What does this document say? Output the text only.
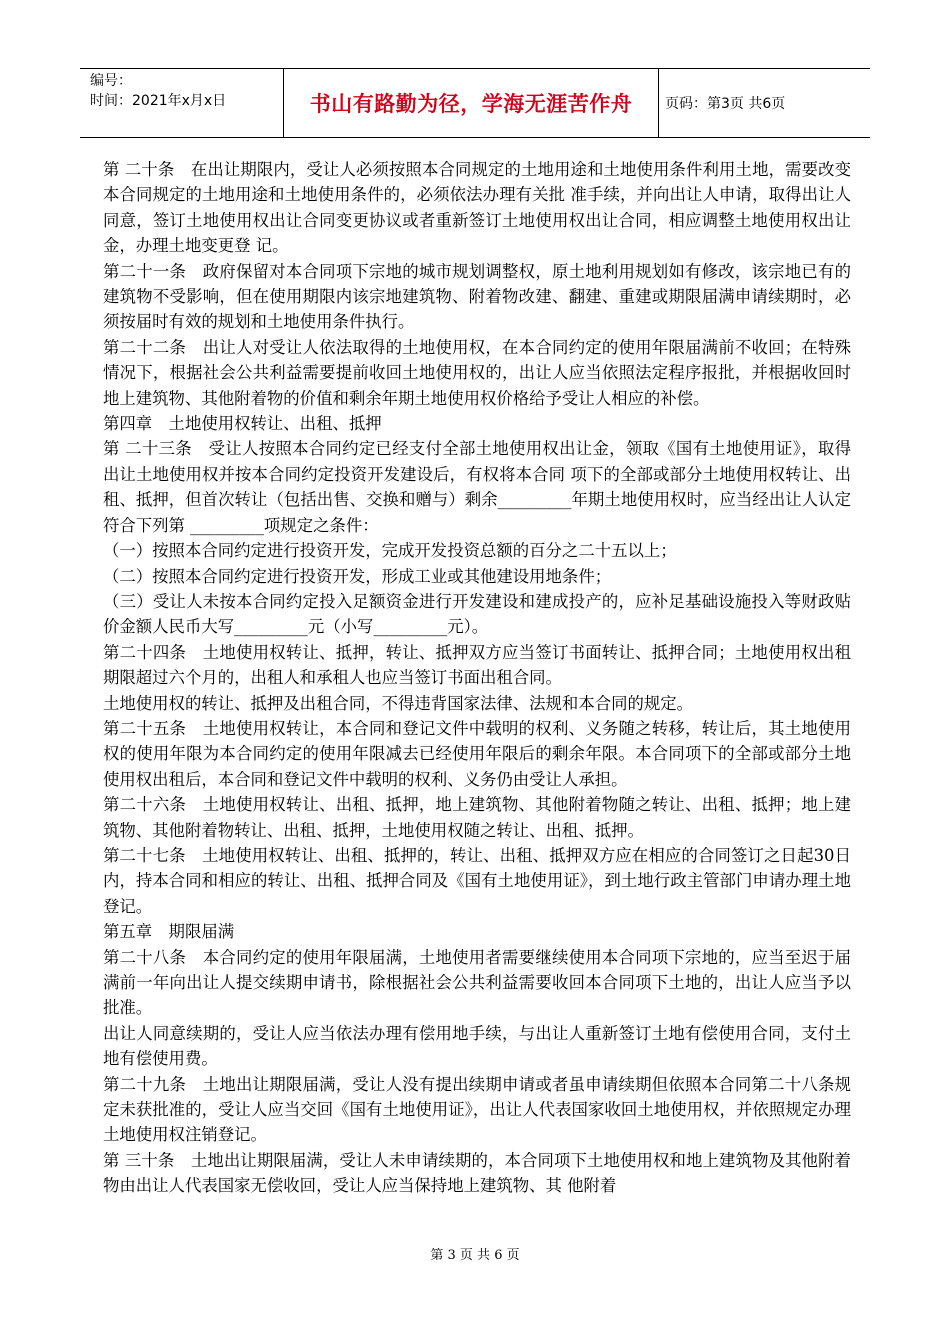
编号：
时间：2021年x月x日	书山有路勤为径，学海无涯苦作舟	页码：第3页 共6页

第 二十条　在出让期限内，受让人必须按照本合同规定的土地用途和土地使用条件利用土地，需要改变本合同规定的土地用途和土地使用条件的，必须依法办理有关批 准手续，并向出让人申请，取得出让人同意，签订土地使用权出让合同变更协议或者重新签订土地使用权出让合同，相应调整土地使用权出让金，办理土地变更登 记。

第二十一条　政府保留对本合同项下宗地的城市规划调整权，原土地利用规划如有修改，该宗地已有的建筑物不受影响，但在使用期限内该宗地建筑物、附着物改建、翻建、重建或期限届满申请续期时，必须按届时有效的规划和土地使用条件执行。

第二十二条　出让人对受让人依法取得的土地使用权，在本合同约定的使用年限届满前不收回；在特殊情况下，根据社会公共利益需要提前收回土地使用权的，出让人应当依照法定程序报批，并根据收回时地上建筑物、其他附着物的价值和剩余年期土地使用权价格给予受让人相应的补偿。

第四章　土地使用权转让、出租、抵押

第 二十三条　受让人按照本合同约定已经支付全部土地使用权出让金，领取《国有土地使用证》，取得出让土地使用权并按本合同约定投资开发建设后，有权将本合同 项下的全部或部分土地使用权转让、出租、抵押，但首次转让（包括出售、交换和赠与）剩余_________年期土地使用权时，应当经出让人认定符合下列第 _________项规定之条件：

（一）按照本合同约定进行投资开发，完成开发投资总额的百分之二十五以上；

（二）按照本合同约定进行投资开发，形成工业或其他建设用地条件；

（三）受让人未按本合同约定投入足额资金进行开发建设和建成投产的，应补足基础设施投入等财政贴价金额人民币大写_________元（小写_________元）。

第二十四条　土地使用权转让、抵押，转让、抵押双方应当签订书面转让、抵押合同；土地使用权出租期限超过六个月的，出租人和承租人也应当签订书面出租合同。

土地使用权的转让、抵押及出租合同，不得违背国家法律、法规和本合同的规定。

第二十五条　土地使用权转让，本合同和登记文件中载明的权利、义务随之转移，转让后，其土地使用权的使用年限为本合同约定的使用年限减去已经使用年限后的剩余年限。本合同项下的全部或部分土地使用权出租后，本合同和登记文件中载明的权利、义务仍由受让人承担。

第二十六条　土地使用权转让、出租、抵押，地上建筑物、其他附着物随之转让、出租、抵押；地上建筑物、其他附着物转让、出租、抵押，土地使用权随之转让、出租、抵押。

第二十七条　土地使用权转让、出租、抵押的，转让、出租、抵押双方应在相应的合同签订之日起30日内，持本合同和相应的转让、出租、抵押合同及《国有土地使用证》，到土地行政主管部门申请办理土地登记。

第五章　期限届满

第二十八条　本合同约定的使用年限届满，土地使用者需要继续使用本合同项下宗地的，应当至迟于届满前一年向出让人提交续期申请书，除根据社会公共利益需要收回本合同项下土地的，出让人应当予以批准。

出让人同意续期的，受让人应当依法办理有偿用地手续，与出让人重新签订土地有偿使用合同，支付土地有偿使用费。

第二十九条　土地出让期限届满，受让人没有提出续期申请或者虽申请续期但依照本合同第二十八条规定未获批准的，受让人应当交回《国有土地使用证》，出让人代表国家收回土地使用权，并依照规定办理土地使用权注销登记。

第 三十条　土地出让期限届满，受让人未申请续期的，本合同项下土地使用权和地上建筑物及其他附着物由出让人代表国家无偿收回，受让人应当保持地上建筑物、其 他附着

第 3 页 共 6 页
